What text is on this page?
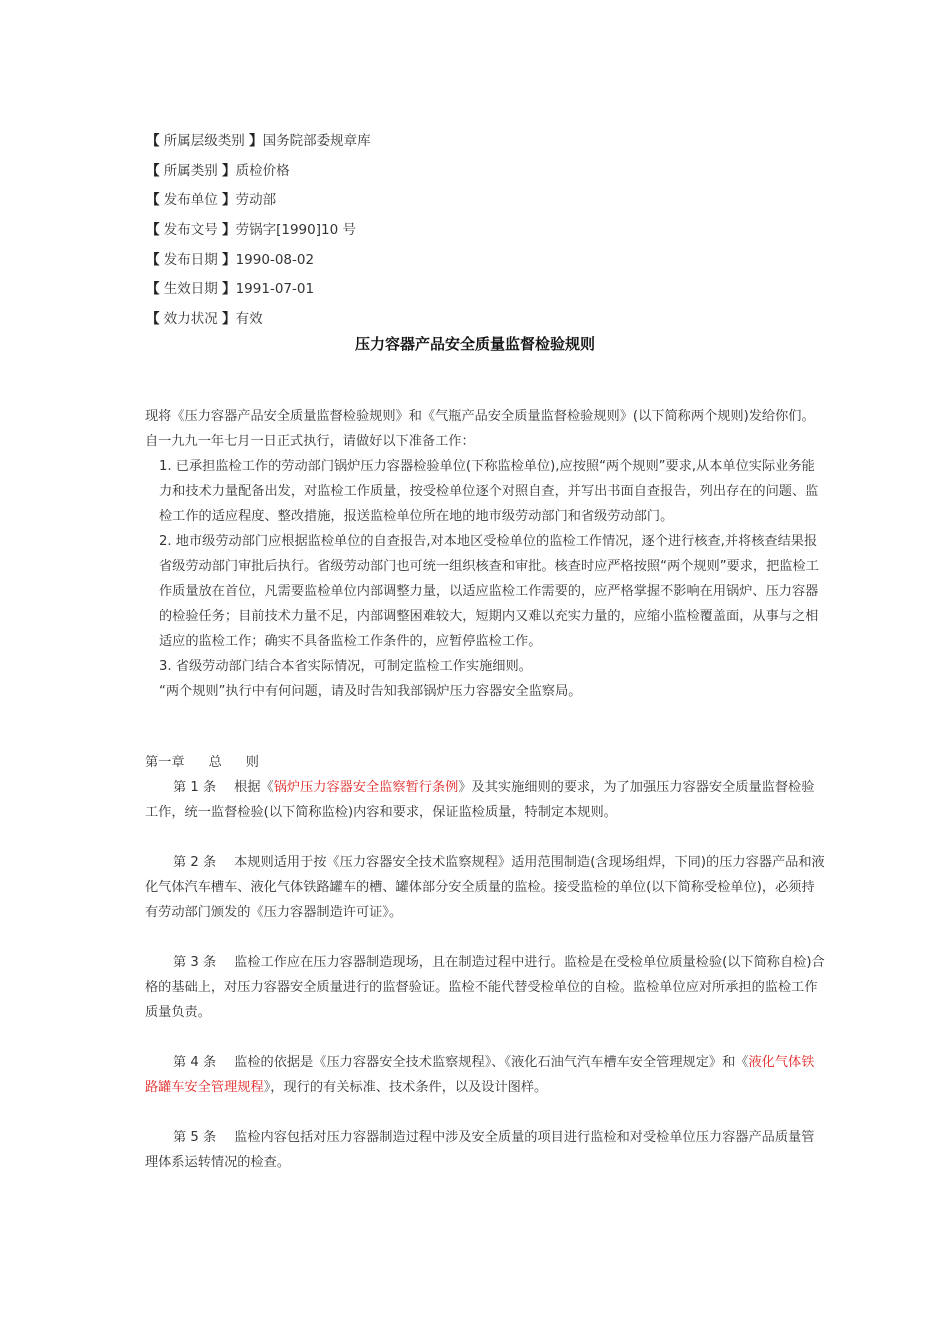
【 所属层级类别 】国务院部委规章库
【 所属类别 】质检价格
【 发布单位 】劳动部
【 发布文号 】劳锅字[1990]10 号
【 发布日期 】1990-08-02
【 生效日期 】1991-07-01
【 效力状况 】有效
压力容器产品安全质量监督检验规则

现将《压力容器产品安全质量监督检验规则》和《气瓶产品安全质量监督检验规则》(以下简称两个规则)发给你们。自一九九一年七月一日正式执行，请做好以下准备工作：

1. 已承担监检工作的劳动部门锅炉压力容器检验单位(下称监检单位),应按照“两个规则”要求,从本单位实际业务能力和技术力量配备出发，对监检工作质量，按受检单位逐个对照自查，并写出书面自查报告，列出存在的问题、监检工作的适应程度、整改措施，报送监检单位所在地的地市级劳动部门和省级劳动部门。

2. 地市级劳动部门应根据监检单位的自查报告,对本地区受检单位的监检工作情况，逐个进行核查,并将核查结果报省级劳动部门审批后执行。省级劳动部门也可统一组织核查和审批。核查时应严格按照“两个规则”要求，把监检工作质量放在首位，凡需要监检单位内部调整力量，以适应监检工作需要的，应严格掌握不影响在用锅炉、压力容器的检验任务；目前技术力量不足，内部调整困难较大，短期内又难以充实力量的，应缩小监检覆盖面，从事与之相适应的监检工作；确实不具备监检工作条件的，应暂停监检工作。

3. 省级劳动部门结合本省实际情况，可制定监检工作实施细则。

“两个规则”执行中有何问题，请及时告知我部锅炉压力容器安全监察局。

第一章 总 则

第 1 条 根据《锅炉压力容器安全监察暂行条例》及其实施细则的要求，为了加强压力容器安全质量监督检验工作，统一监督检验(以下简称监检)内容和要求，保证监检质量，特制定本规则。

第 2 条 本规则适用于按《压力容器安全技术监察规程》适用范围制造(含现场组焊，下同)的压力容器产品和液化气体汽车槽车、液化气体铁路罐车的槽、罐体部分安全质量的监检。接受监检的单位(以下简称受检单位)，必须持有劳动部门颁发的《压力容器制造许可证》。

第 3 条 监检工作应在压力容器制造现场，且在制造过程中进行。监检是在受检单位质量检验(以下简称自检)合格的基础上，对压力容器安全质量进行的监督验证。监检不能代替受检单位的自检。监检单位应对所承担的监检工作质量负责。

第 4 条 监检的依据是《压力容器安全技术监察规程》、《液化石油气汽车槽车安全管理规定》和《液化气体铁路罐车安全管理规程》，现行的有关标准、技术条件，以及设计图样。

第 5 条 监检内容包括对压力容器制造过程中涉及安全质量的项目进行监检和对受检单位压力容器产品质量管理体系运转情况的检查。
